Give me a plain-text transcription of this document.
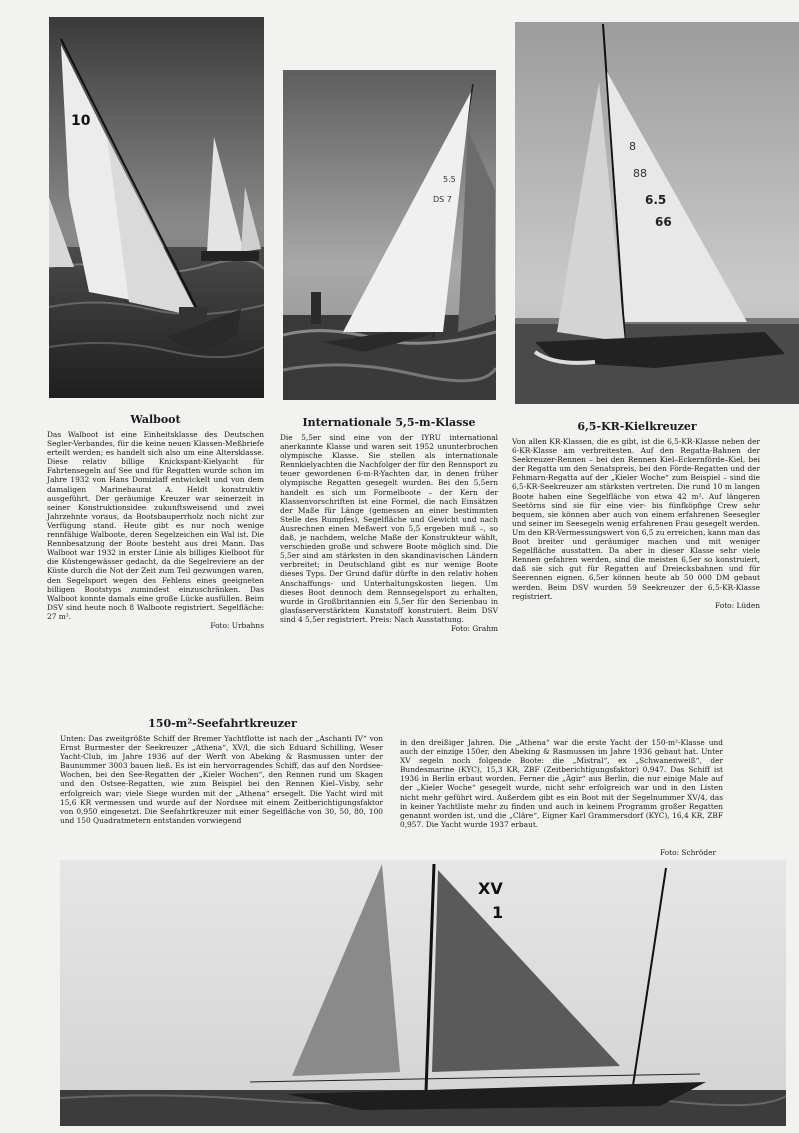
10
5.5
DS 7
8
88
6.5
66
Walboot	Internationale 5,5-m-Klasse	6,5-KR-Kielkreuzer

Das Walboot ist eine Einheitsklasse des Deutschen Segler-Verbandes, für die keine neuen Klassen-Meßbriefe erteilt werden; es handelt sich also um eine Altersklasse. Diese relativ billige Knickspant-Kielyacht für Fahrtensegeln auf See und für Regatten wurde schon im Jahre 1932 von Hans Domizlaff entwickelt und von dem damaligen Marinebaurat A. Heldt konstruktiv ausgeführt. Der geräumige Kreuzer war seinerzeit in seiner Konstruktionsidee zukunftsweisend und zwei Jahrzehnte voraus, da Bootsbauperrholz noch nicht zur Verfügung stand. Heute gibt es nur noch wenige rennfähige Walboote, deren Segelzeichen ein Wal ist. Die Rennbesatzung der Boote besteht aus drei Mann. Das Walboot war 1932 in erster Linie als billiges Kielboot für die Küstengewässer gedacht, da die Segelreviere an der Küste durch die Not der Zeit zum Teil gezwungen waren, den Segelsport wegen des Fehlens eines geeigneten billigen Bootstyps zumindest einzuschränken. Das Walboot konnte damals eine große Lücke ausfüllen. Beim DSV sind heute noch 8 Walboote registriert. Segelfläche: 27 m².
Foto: Urbahns

Die 5,5er sind eine von der IYRU international anerkannte Klasse und waren seit 1952 ununterbrochen olympische Klasse. Sie stellen als internationale Rennkielyachten die Nachfolger der für den Rennsport zu teuer gewordenen 6-m-R-Yachten dar, in denen früher olympische Regatten gesegelt wurden. Bei den 5,5ern handelt es sich um Formelboote – der Kern der Klassenvorschriften ist eine Formel, die nach Einsätzen der Maße für Länge (gemessen an einer bestimmten Stelle des Rumpfes), Segelfläche und Gewicht und nach Ausrechnen einen Meßwert von 5,5 ergeben muß –, so daß, je nachdem, welche Maße der Konstrukteur wählt, verschieden große und schwere Boote möglich sind. Die 5,5er sind am stärksten in den skandinavischen Ländern verbreitet; in Deutschland gibt es nur wenige Boote dieses Typs. Der Grund dafür dürfte in den relativ hohen Anschaffungs- und Unterhaltungskosten liegen. Um dieses Boot dennoch dem Rennsegelsport zu erhalten, wurde in Großbritannien ein 5,5er für den Serienbau in glasfaserverstärktem Kunststoff konstruiert. Beim DSV sind 4 5,5er registriert. Preis: Nach Ausstattung.
Foto: Grahm

Von allen KR-Klassen, die es gibt, ist die 6,5-KR-Klasse neben der 6-KR-Klasse am verbreitesten. Auf den Regatta-Bahnen der Seekreuzer-Rennen – bei den Rennen Kiel–Eckernförde–Kiel, bei der Regatta um den Senatspreis, bei den Förde-Regatten und der Fehmarn-Regatta auf der „Kieler Woche“ zum Beispiel – sind die 6,5-KR-Seekreuzer am stärksten vertreten. Die rund 10 m langen Boote haben eine Segelfläche von etwa 42 m². Auf längeren Seetörns sind sie für eine vier- bis fünfköpfige Crew sehr bequem, sie können aber auch von einem erfahrenen Seesegler und seiner im Seesegeln wenig erfahrenen Frau gesegelt werden. Um den KR-Vermessungswert von 6,5 zu erreichen, kann man das Boot breiter und geräumiger machen und mit weniger Segelfläche ausstatten. Da aber in dieser Klasse sehr viele Rennen gefahren werden, sind die meisten 6,5er so konstruiert, daß sie sich gut für Regatten auf Dreiecksbahnen und für Seerennen eignen. 6,5er können heute ab 50 000 DM gebaut werden. Beim DSV wurden 59 Seekreuzer der 6,5-KR-Klasse registriert.
Foto: Lüden

150-m²-Seefahrtkreuzer

Unten: Das zweitgrößte Schiff der Bremer Yachtflotte ist nach der „Aschanti IV“ von Ernst Burmester der Seekreuzer „Athena“, XV/l, die sich Eduard Schilling, Weser Yacht-Club, im Jahre 1936 auf der Werft von Abeking & Rasmussen unter der Baunummer 3003 bauen ließ. Es ist ein hervorragendes Schiff, das auf den Nordsee-Wochen, bei den See-Regatten der „Kieler Wochen“, den Rennen rund um Skagen und den Ostsee-Regatten, wie zum Beispiel bei den Rennen Kiel–Visby, sehr erfolgreich war; viele Siege wurden mit der „Athena“ ersegelt. Die Yacht wird mit 15,6 KR vermessen und wurde auf der Nordsee mit einem Zeitberichtigungsfaktor von 0,950 eingesetzt. Die Seefahrtkreuzer mit einer Segelfläche von 30, 50, 80, 100 und 150 Quadratmetern entstanden vorwiegend

in den dreißiger Jahren. Die „Athena“ war die erste Yacht der 150-m²-Klasse und auch der einzige 150er, den Abeking & Rasmussen im Jahre 1936 gebaut hat. Unter XV segeln noch folgende Boote: die „Mistral“, ex „Schwanenweiß“, der Bundesmarine (KYC), 15,3 KR, ZBF (Zeitberichtigungsfaktor) 0,947. Das Schiff ist 1936 in Berlin erbaut worden. Ferner die „Ägir“ aus Berlin, die nur einige Male auf der „Kieler Woche“ gesegelt wurde, nicht sehr erfolgreich war und in den Listen nicht mehr geführt wird. Außerdem gibt es ein Boot mit der Segelnummer XV/4, das in keiner Yachtliste mehr zu finden und auch in keinem Programm großer Regatten genannt worden ist, und die „Cläre“, Eigner Karl Grammersdorf (KYC), 16,4 KR, ZBF 0,957. Die Yacht wurde 1937 erbaut.

Foto: Schröder
XV
1
